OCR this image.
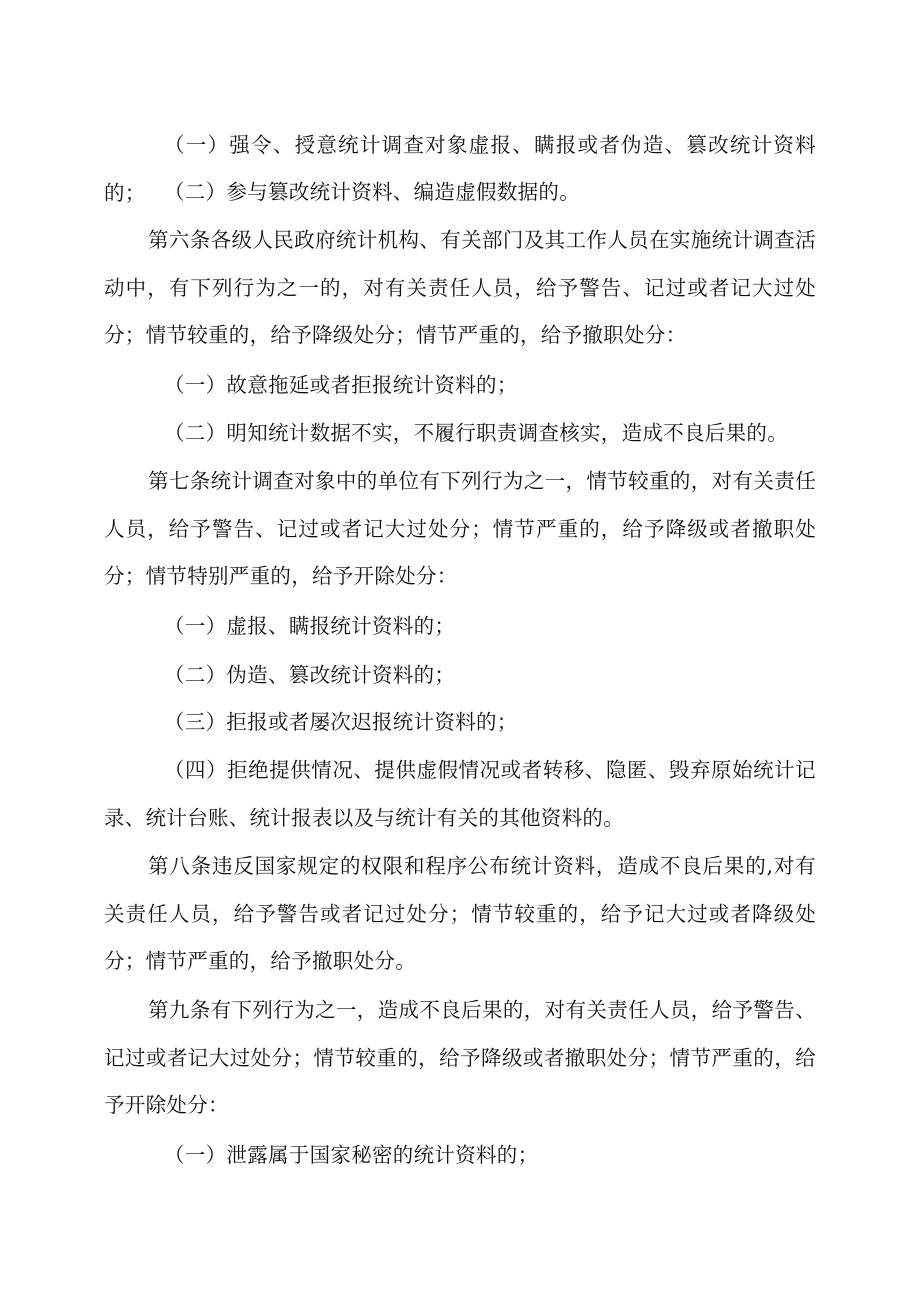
（一）强令、授意统计调查对象虚报、瞒报或者伪造、篡改统计资料的； （二）参与篡改统计资料、编造虚假数据的。

第六条各级人民政府统计机构、有关部门及其工作人员在实施统计调查活动中，有下列行为之一的，对有关责任人员，给予警告、记过或者记大过处分；情节较重的，给予降级处分；情节严重的，给予撤职处分：

（一）故意拖延或者拒报统计资料的；

（二）明知统计数据不实，不履行职责调查核实，造成不良后果的。

第七条统计调查对象中的单位有下列行为之一，情节较重的，对有关责任人员，给予警告、记过或者记大过处分；情节严重的，给予降级或者撤职处分；情节特别严重的，给予开除处分：

（一）虚报、瞒报统计资料的；

（二）伪造、篡改统计资料的；

（三）拒报或者屡次迟报统计资料的；

（四）拒绝提供情况、提供虚假情况或者转移、隐匿、毁弃原始统计记录、统计台账、统计报表以及与统计有关的其他资料的。

第八条违反国家规定的权限和程序公布统计资料，造成不良后果的,对有关责任人员，给予警告或者记过处分；情节较重的，给予记大过或者降级处分；情节严重的，给予撤职处分。

第九条有下列行为之一，造成不良后果的，对有关责任人员，给予警告、记过或者记大过处分；情节较重的，给予降级或者撤职处分；情节严重的，给予开除处分：

（一）泄露属于国家秘密的统计资料的；
